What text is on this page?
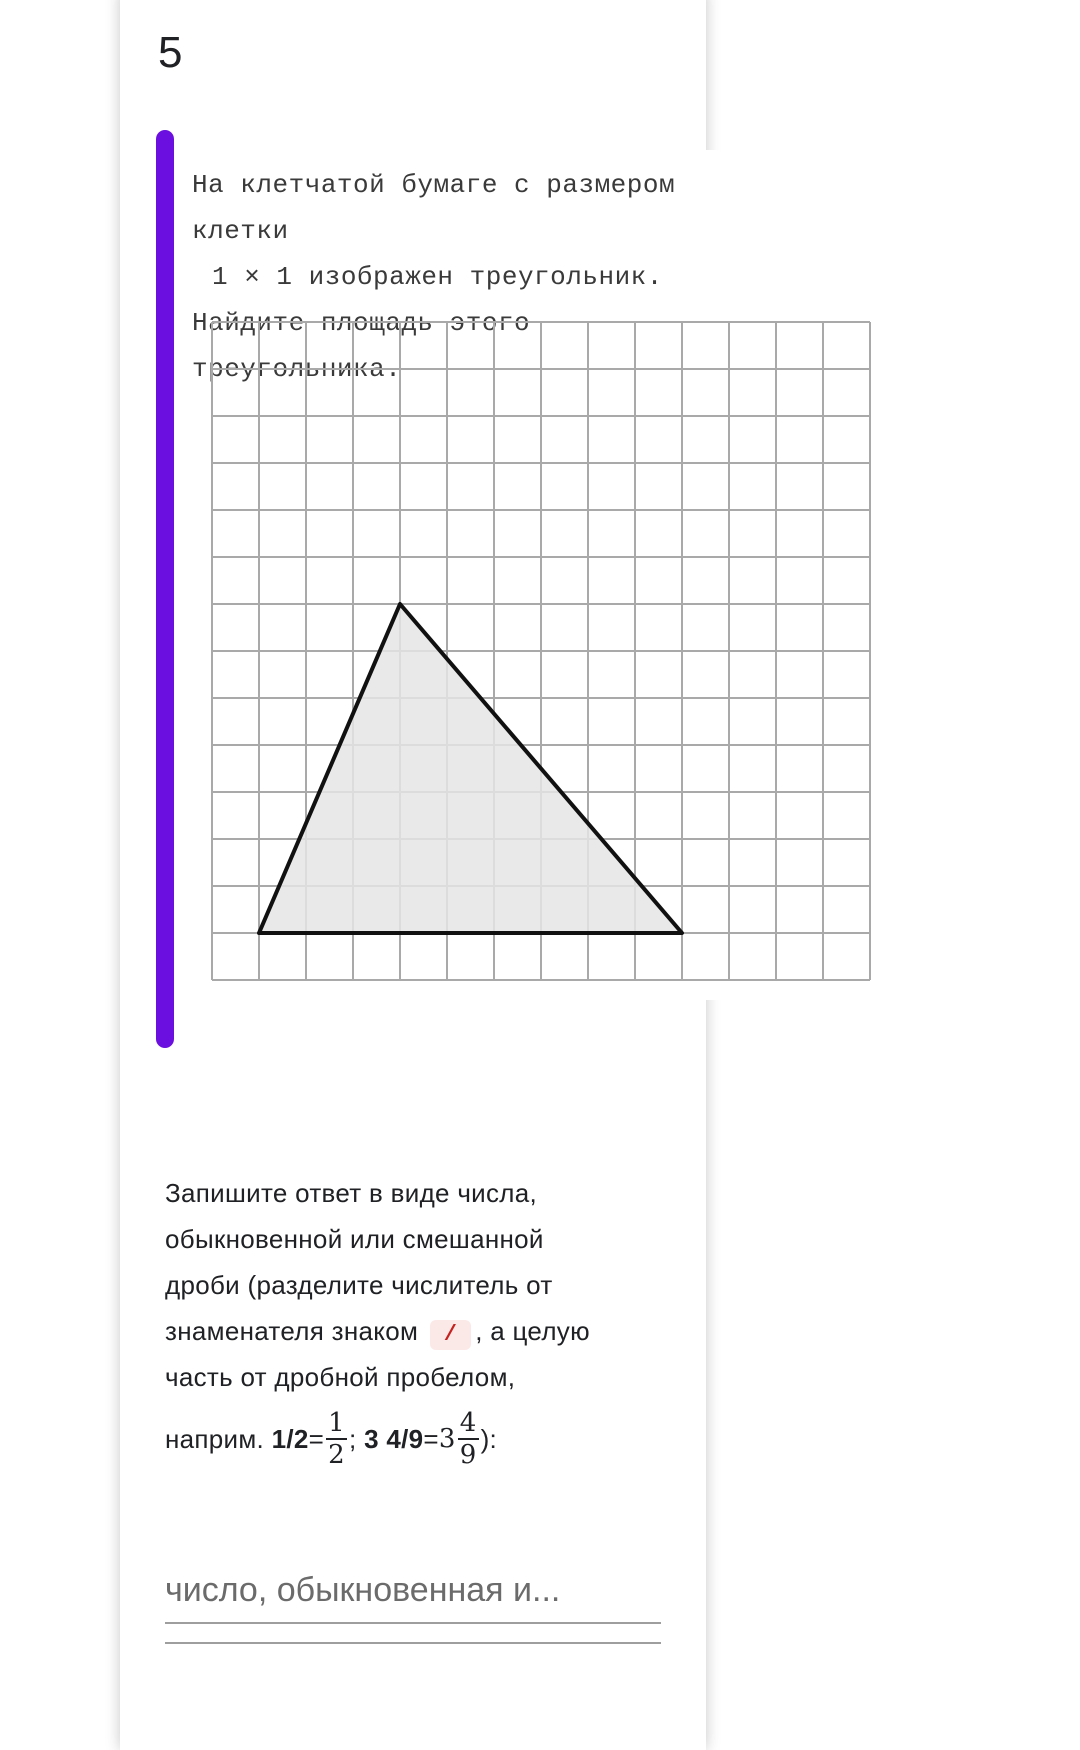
5
На клетчатой бумаге с размером клетки
1 × 1 изображен треугольник.
Найдите площадь этого треугольника.
Запишите ответ в виде числа,
обыкновенной или смешанной
дроби (разделите числитель от
знаменателя знаком / , а целую
часть от дробной пробелом,
наприм.
$1/2 = \frac{1}{2}$ ;
3 $4/9 = 3 \frac{4}{9}$ ):
число, обыкновенная и...
